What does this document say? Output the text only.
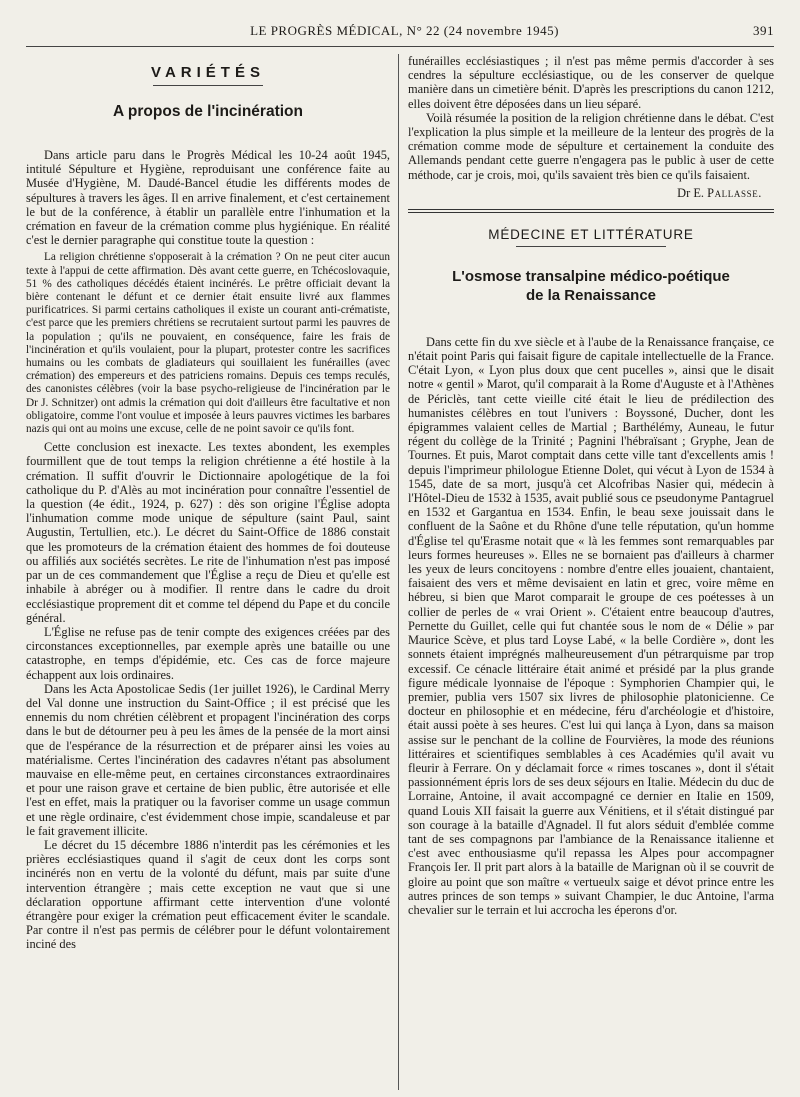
LE PROGRÈS MÉDICAL, N° 22 (24 novembre 1945)	391
VARIÉTÉS
A propos de l'incinération

Dans article paru dans le Progrès Médical les 10-24 août 1945, intitulé Sépulture et Hygiène, reproduisant une conférence faite au Musée d'Hygiène, M. Daudé-Bancel étudie les différents modes de sépultures à travers les âges. Il en arrive finalement, et c'est certainement le but de la conférence, à établir un parallèle entre l'inhumation et la crémation en faveur de la crémation comme plus hygiénique. En réalité c'est le dernier paragraphe qui constitue toute la question :

La religion chrétienne s'opposerait à la crémation ? On ne peut citer aucun texte à l'appui de cette affirmation. Dès avant cette guerre, en Tchécoslovaquie, 51 % des catholiques décédés étaient incinérés. Le prêtre officiait devant la bière contenant le défunt et ce dernier était ensuite livré aux flammes purificatrices. Si parmi certains catholiques il existe un courant anti-crématiste, c'est parce que les premiers chrétiens se recrutaient surtout parmi les pauvres de la population ; qu'ils ne pouvaient, en conséquence, faire les frais de l'incinération et qu'ils voulaient, pour la plupart, protester contre les sacrifices humains ou les combats de gladiateurs qui souillaient les funérailles (avec crémation) des empereurs et des patriciens romains. Depuis ces temps reculés, des canonistes célèbres (voir la base psycho-religieuse de l'incinération par le Dr J. Schnitzer) ont admis la crémation qui doit d'ailleurs être facultative et non obligatoire, comme l'ont voulue et imposée à leurs pauvres victimes les barbares nazis qui ont au moins une excuse, celle de ne point savoir ce qu'ils font.

Cette conclusion est inexacte. Les textes abondent, les exemples fourmillent que de tout temps la religion chrétienne a été hostile à la crémation. Il suffit d'ouvrir le Dictionnaire apologétique de la foi catholique du P. d'Alès au mot incinération pour connaître l'essentiel de la question (4e édit., 1924, p. 627) : dès son origine l'Église adopta l'inhumation comme mode unique de sépulture (saint Paul, saint Augustin, Tertullien, etc.). Le décret du Saint-Office de 1886 constait que les promoteurs de la crémation étaient des hommes de foi douteuse ou affiliés aux sociétés secrètes. Le rite de l'inhumation n'est pas imposé par un de ces commandement que l'Église a reçu de Dieu et qu'elle est inhabile à abréger ou à modifier. Il rentre dans le cadre du droit ecclésiastique proprement dit et comme tel dépend du Pape et du concile général.

L'Église ne refuse pas de tenir compte des exigences créées par des circonstances exceptionnelles, par exemple après une bataille ou une catastrophe, en temps d'épidémie, etc. Ces cas de force majeure échappent aux lois ordinaires.

Dans les Acta Apostolicae Sedis (1er juillet 1926), le Cardinal Merry del Val donne une instruction du Saint-Office ; il est précisé que les ennemis du nom chrétien célèbrent et propagent l'incinération des corps dans le but de détourner peu à peu les âmes de la pensée de la mort ainsi que de l'espérance de la résurrection et de préparer ainsi les voies au matérialisme. Certes l'incinération des cadavres n'étant pas absolument mauvaise en elle-même peut, en certaines circonstances extraordinaires et pour une raison grave et certaine de bien public, être autorisée et elle l'est en effet, mais la pratiquer ou la favoriser comme un usage commun et une règle ordinaire, c'est évidemment chose impie, scandaleuse et par le fait gravement illicite.

Le décret du 15 décembre 1886 n'interdit pas les cérémonies et les prières ecclésiastiques quand il s'agit de ceux dont les corps sont incinérés non en vertu de la volonté du défunt, mais par suite d'une intervention étrangère ; mais cette exception ne vaut que si une déclaration opportune affirmant cette intervention d'une volonté étrangère pour exiger la crémation peut efficacement éviter le scandale. Par contre il n'est pas permis de célébrer pour le défunt volontairement inciné des

funérailles ecclésiastiques ; il n'est pas même permis d'accorder à ses cendres la sépulture ecclésiastique, ou de les conserver de quelque manière dans un cimetière bénit. D'après les prescriptions du canon 1212, elles doivent être déposées dans un lieu séparé.

Voilà résumée la position de la religion chrétienne dans le débat. C'est l'explication la plus simple et la meilleure de la lenteur des progrès de la crémation comme mode de sépulture et certainement la conduite des Allemands pendant cette guerre n'engagera pas le public à user de cette méthode, car je crois, moi, qu'ils savaient très bien ce qu'ils faisaient.

Dr E. Pallasse.
MÉDECINE ET LITTÉRATURE
L'osmose transalpine médico-poétique
de la Renaissance

Dans cette fin du xve siècle et à l'aube de la Renaissance française, ce n'était point Paris qui faisait figure de capitale intellectuelle de la France. C'était Lyon, « Lyon plus doux que cent pucelles », ainsi que le disait notre « gentil » Marot, qu'il comparait à la Rome d'Auguste et à l'Athènes de Périclès, tant cette vieille cité était le lieu de prédilection des humanistes célèbres en tout l'univers : Boyssoné, Ducher, dont les épigrammes valaient celles de Martial ; Barthélémy, Auneau, le futur régent du collège de la Trinité ; Pagnini l'hébraïsant ; Gryphe, Jean de Tournes. Et puis, Marot comptait dans cette ville tant d'excellents amis ! depuis l'imprimeur philologue Etienne Dolet, qui vécut à Lyon de 1534 à 1545, date de sa mort, jusqu'à cet Alcofribas Nasier qui, médecin à l'Hôtel-Dieu de 1532 à 1535, avait publié sous ce pseudonyme Pantagruel en 1532 et Gargantua en 1534. Enfin, le beau sexe jouissait dans le confluent de la Saône et du Rhône d'une telle réputation, qu'un homme d'Église tel qu'Erasme notait que « là les femmes sont remarquables par leurs formes heureuses ». Elles ne se bornaient pas d'ailleurs à charmer les yeux de leurs concitoyens : nombre d'entre elles jouaient, chantaient, faisaient des vers et même devisaient en latin et grec, voire même en hébreu, si bien que Marot comparait le groupe de ces poétesses à un collier de perles de « vrai Orient ». C'étaient entre beaucoup d'autres, Pernette du Guillet, celle qui fut chantée sous le nom de « Délie » par Maurice Scève, et plus tard Loyse Labé, « la belle Cordière », dont les sonnets étaient imprégnés malheureusement d'un pétrarquisme par trop excessif. Ce cénacle littéraire était animé et présidé par la plus grande figure médicale lyonnaise de l'époque : Symphorien Champier qui, le premier, publia vers 1507 six livres de philosophie platonicienne. Ce docteur en philosophie et en médecine, féru d'archéologie et d'histoire, était aussi poète à ses heures. C'est lui qui lança à Lyon, dans sa maison assise sur le penchant de la colline de Fourvières, la mode des réunions littéraires et scientifiques semblables à ces Académies qu'il avait vu fleurir à Ferrare. On y déclamait force « rimes toscanes », dont il s'était passionnément épris lors de ses deux séjours en Italie. Médecin du duc de Lorraine, Antoine, il avait accompagné ce dernier en Italie en 1509, quand Louis XII faisait la guerre aux Vénitiens, et il s'était distingué par son courage à la bataille d'Agnadel. Il fut alors séduit d'emblée comme tant de ses compagnons par l'ambiance de la Renaissance italienne et c'est avec enthousiasme qu'il repassa les Alpes pour accompagner François Ier. Il prit part alors à la bataille de Marignan où il se couvrit de gloire au point que son maître « vertueulx saige et dévot prince entre les autres princes de son temps » suivant Champier, le duc Antoine, l'arma chevalier sur le terrain et lui accrocha les éperons d'or.
